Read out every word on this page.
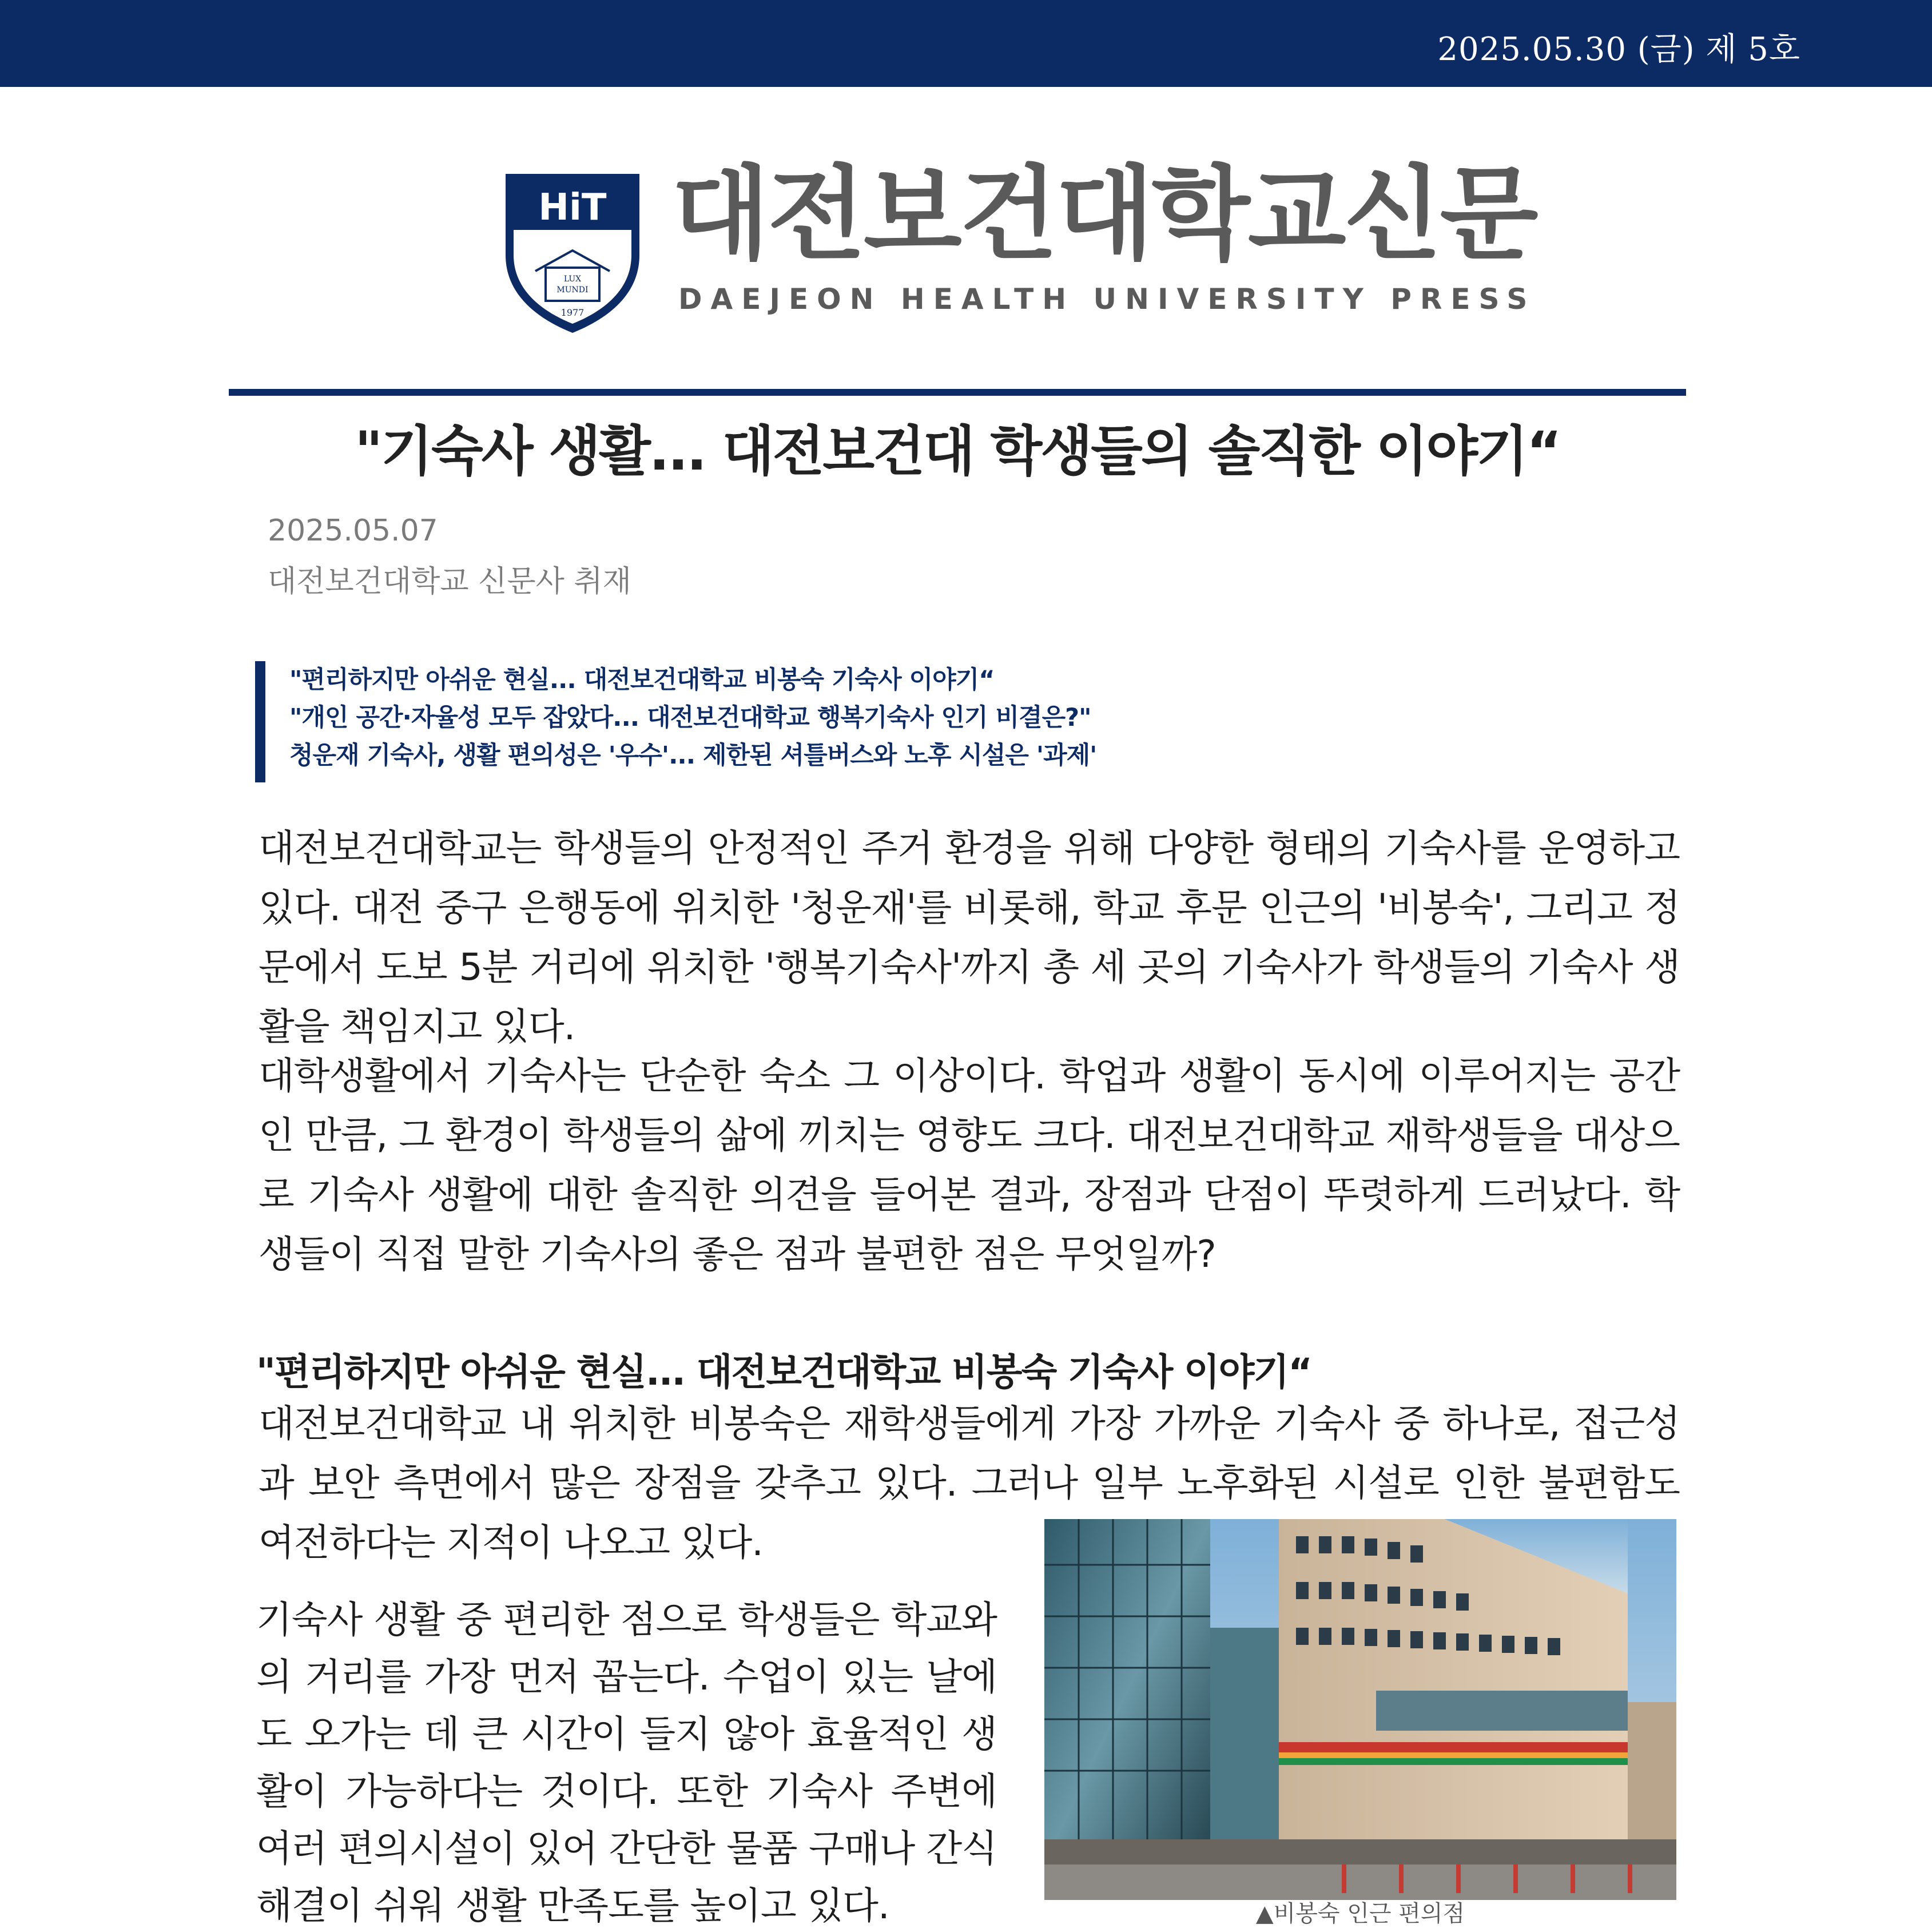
2025.05.30 (금) 제 5호
HiT
LUX
MUNDI
1977
대전보건대학교신문
DAEJEON HEALTH UNIVERSITY PRESS
"기숙사 생활... 대전보건대 학생들의 솔직한 이야기“
2025.05.07
대전보건대학교 신문사 취재
"편리하지만 아쉬운 현실... 대전보건대학교 비봉숙 기숙사 이야기“
"개인 공간·자율성 모두 잡았다... 대전보건대학교 행복기숙사 인기 비결은?"
청운재 기숙사, 생활 편의성은 '우수'... 제한된 셔틀버스와 노후 시설은 '과제'
대전보건대학교는 학생들의 안정적인 주거 환경을 위해 다양한 형태의 기숙사를 운영하고 있다. 대전 중구 은행동에 위치한 '청운재'를 비롯해, 학교 후문 인근의 '비봉숙', 그리고 정문에서 도보 5분 거리에 위치한 '행복기숙사'까지 총 세 곳의 기숙사가 학생들의 기숙사 생활을 책임지고 있다.
대학생활에서 기숙사는 단순한 숙소 그 이상이다. 학업과 생활이 동시에 이루어지는 공간인 만큼, 그 환경이 학생들의 삶에 끼치는 영향도 크다. 대전보건대학교 재학생들을 대상으로 기숙사 생활에 대한 솔직한 의견을 들어본 결과, 장점과 단점이 뚜렷하게 드러났다. 학생들이 직접 말한 기숙사의 좋은 점과 불편한 점은 무엇일까?
"편리하지만 아쉬운 현실... 대전보건대학교 비봉숙 기숙사 이야기“
대전보건대학교 내 위치한 비봉숙은 재학생들에게 가장 가까운 기숙사 중 하나로, 접근성과 보안 측면에서 많은 장점을 갖추고 있다. 그러나 일부 노후화된 시설로 인한 불편함도 여전하다는 지적이 나오고 있다.
기숙사 생활 중 편리한 점으로 학생들은 학교와의 거리를 가장 먼저 꼽는다. 수업이 있는 날에도 오가는 데 큰 시간이 들지 않아 효율적인 생활이 가능하다는 것이다. 또한 기숙사 주변에 여러 편의시설이 있어 간단한 물품 구매나 간식 해결이 쉬워 생활 만족도를 높이고 있다.	▲비봉숙 인근 편의점
